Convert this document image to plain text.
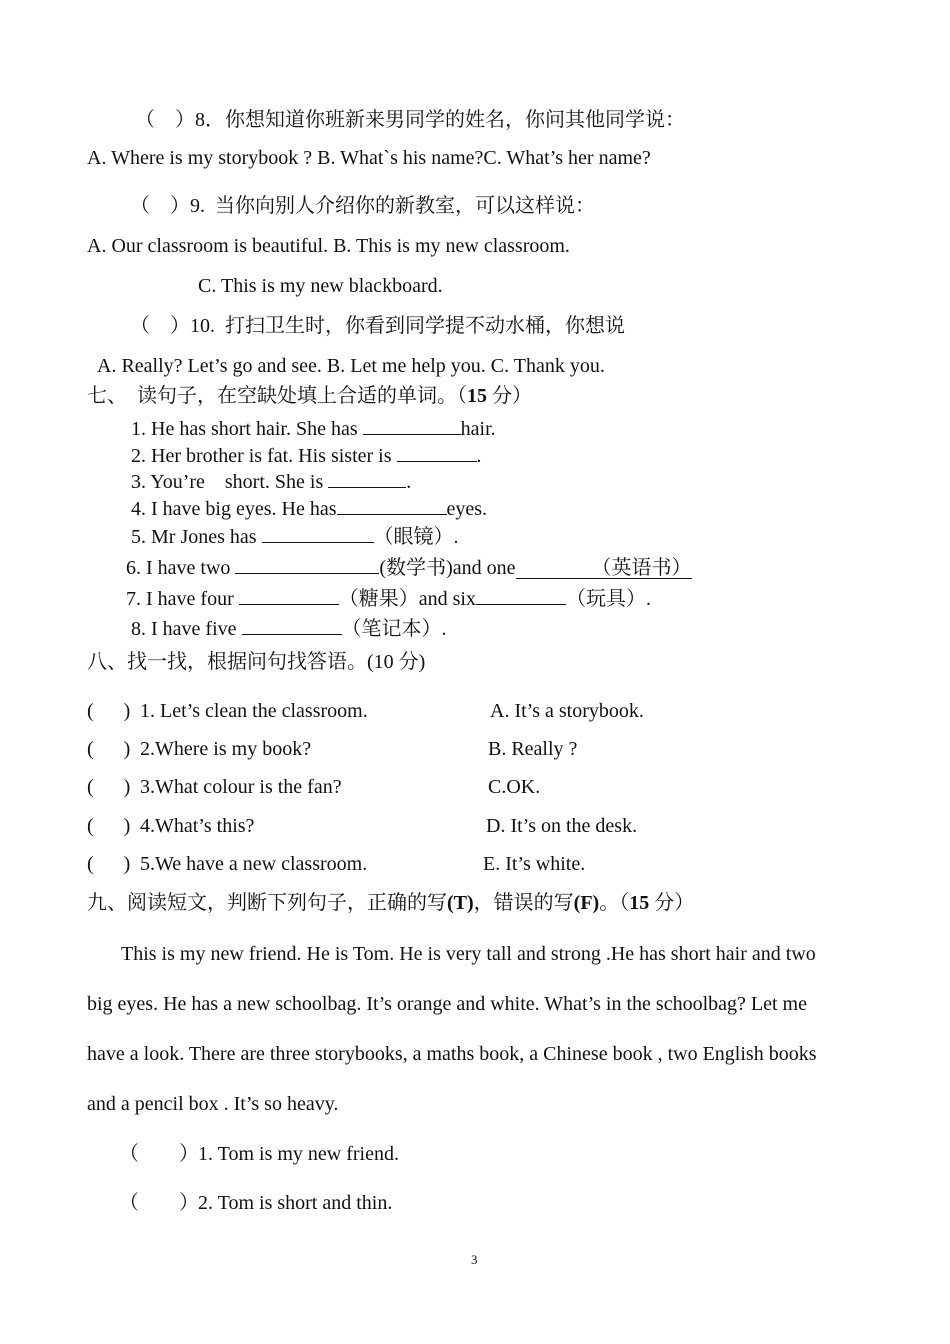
（    ）8．你想知道你班新来男同学的姓名，你问其他同学说：
A. Where is my storybook ? B. What`s his name?C. What’s her name?
（    ）9. 当你向别人介绍你的新教室，可以这样说：
A. Our classroom is beautiful. B. This is my new classroom.
C. This is my new blackboard.
（    ）10. 打扫卫生时，你看到同学提不动水桶，你想说
A. Really? Let’s go and see. B. Let me help you. C. Thank you.
七、  读句子，在空缺处填上合适的单词。（15 分）
1. He has short hair. She has	hair.
2. Her brother is fat. His sister is	.
3. You’re    short. She is	.
4. I have big eyes. He has	eyes.
5. Mr Jones has	（眼镜）.
6. I have two	(数学书)and one	（英语书）
7. I have four	（糖果）and six	（玩具）.
8. I have five	（笔记本）.
八、找一找，根据问句找答语。(10 分)
(      ) 1. Let’s clean the classroom.	A. It’s a storybook.
(      ) 2.Where is my book?	B. Really ?
(      ) 3.What colour is the fan?	C.OK.
(      ) 4.What’s this?	D. It’s on the desk.
(      ) 5.We have a new classroom.	E. It’s white.
九、阅读短文，判断下列句子，正确的写(T)，错误的写(F)。（15 分）
This is my new friend. He is Tom. He is very tall and strong .He has short hair and two
big eyes. He has a new schoolbag. It’s orange and white. What’s in the schoolbag? Let me
have a look. There are three storybooks, a maths book, a Chinese book , two English books
and a pencil box . It’s so heavy.
（        ） 1. Tom is my new friend.
（        ） 2. Tom is short and thin.
3
